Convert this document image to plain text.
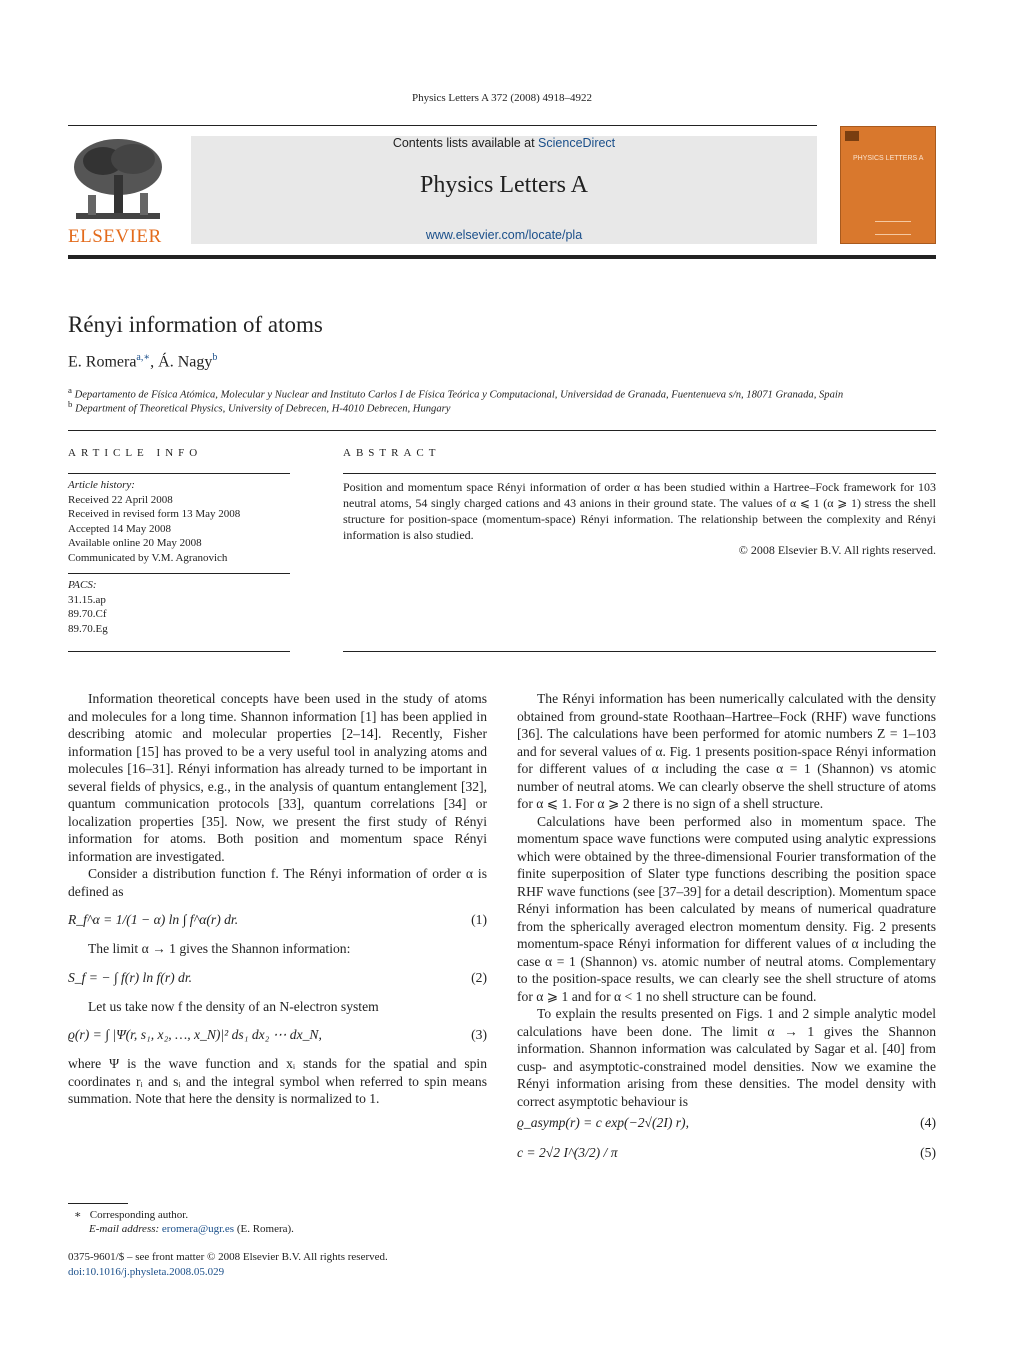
Physics Letters A 372 (2008) 4918–4922
ELSEVIER
Contents lists available at ScienceDirect
Physics Letters A
www.elsevier.com/locate/pla
PHYSICS LETTERS A
Rényi information of atoms
E. Romera$^{a,∗}$, Á. Nagy$^b$
$^a$ Departamento de Física Atómica, Molecular y Nuclear and Instituto Carlos I de Física Teórica y Computacional, Universidad de Granada, Fuentenueva s/n, 18071 Granada, Spain
$^b$ Department of Theoretical Physics, University of Debrecen, H-4010 Debrecen, Hungary
ARTICLE INFO
Article history:
Received 22 April 2008
Received in revised form 13 May 2008
Accepted 14 May 2008
Available online 20 May 2008
Communicated by V.M. Agranovich
PACS:
31.15.ap
89.70.Cf
89.70.Eg
ABSTRACT
Position and momentum space Rényi information of order α has been studied within a Hartree–Fock framework for 103 neutral atoms, 54 singly charged cations and 43 anions in their ground state. The values of α ⩽ 1 (α ⩾ 1) stress the shell structure for position-space (momentum-space) Rényi information. The relationship between the complexity and Rényi information is also studied.
© 2008 Elsevier B.V. All rights reserved.

Information theoretical concepts have been used in the study of atoms and molecules for a long time. Shannon information [1] has been applied in describing atomic and molecular properties [2–14]. Recently, Fisher information [15] has proved to be a very useful tool in analyzing atoms and molecules [16–31]. Rényi information has already turned to be important in several fields of physics, e.g., in the analysis of quantum entanglement [32], quantum communication protocols [33], quantum correlations [34] or localization properties [35]. Now, we present the first study of Rényi information for atoms. Both position and momentum space Rényi information are investigated.

Consider a distribution function f. The Rényi information of order α is defined as

R_f^α = 1/(1 − α) ln ∫ f^α(r) dr.	(1)

The limit α → 1 gives the Shannon information:

S_f = − ∫ f(r) ln f(r) dr.	(2)

Let us take now f the density of an N-electron system

ϱ(r) = ∫ |Ψ(r, s₁, x₂, …, x_N)|² ds₁ dx₂ ⋯ dx_N,	(3)

where Ψ is the wave function and xᵢ stands for the spatial and spin coordinates rᵢ and sᵢ and the integral symbol when referred to spin means summation. Note that here the density is normalized to 1.

The Rényi information has been numerically calculated with the density obtained from ground-state Roothaan–Hartree–Fock (RHF) wave functions [36]. The calculations have been performed for atomic numbers Z = 1–103 and for several values of α. Fig. 1 presents position-space Rényi information for different values of α including the case α = 1 (Shannon) vs atomic number of neutral atoms. We can clearly observe the shell structure of atoms for α ⩽ 1. For α ⩾ 2 there is no sign of a shell structure.

Calculations have been performed also in momentum space. The momentum space wave functions were computed using analytic expressions which were obtained by the three-dimensional Fourier transformation of the finite superposition of Slater type functions describing the position space RHF wave functions (see [37–39] for a detail description). Momentum space Rényi information has been calculated by means of numerical quadrature from the spherically averaged electron momentum density. Fig. 2 presents momentum-space Rényi information for different values of α including the case α = 1 (Shannon) vs. atomic number of neutral atoms. Complementary to the position-space results, we can clearly see the shell structure of atoms for α ⩾ 1 and for α < 1 no shell structure can be found.

To explain the results presented on Figs. 1 and 2 simple analytic model calculations have been done. The limit α → 1 gives the Shannon information. Shannon information was calculated by Sagar et al. [40] from cusp- and asymptotic-constrained model densities. Now we examine the Rényi information arising from these densities. The model density with correct asymptotic behaviour is

ϱ_asymp(r) = c exp(−2√(2I) r),	(4)
c = 2√2 I^(3/2) / π	(5)
∗ Corresponding author.
E-mail address: eromera@ugr.es (E. Romera).
0375-9601/$ – see front matter © 2008 Elsevier B.V. All rights reserved.
doi:10.1016/j.physleta.2008.05.029
